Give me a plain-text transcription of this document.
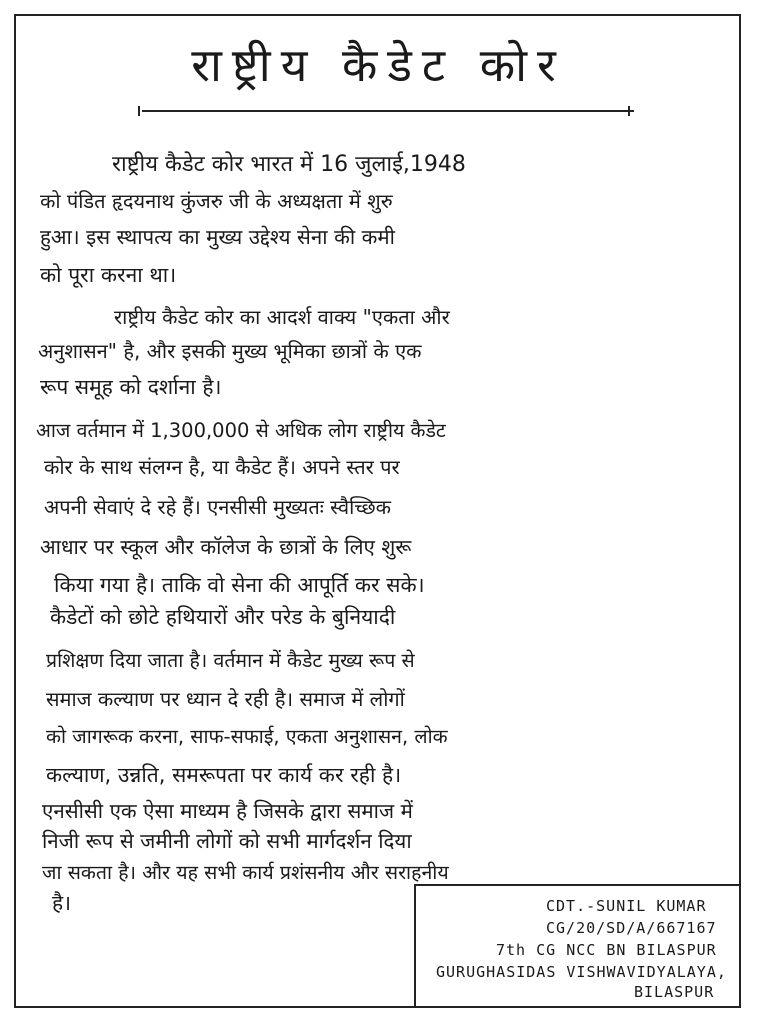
राष्ट्रीय कैडेट कोर
राष्ट्रीय कैडेट कोर भारत में 16 जुलाई,1948
को पंडित हृदयनाथ कुंजरु जी के अध्यक्षता में शुरु
हुआ। इस स्थापत्य का मुख्य उद्देश्य सेना की कमी
को पूरा करना था।
राष्ट्रीय कैडेट कोर का आदर्श वाक्य "एकता और
अनुशासन" है, और इसकी मुख्य भूमिका छात्रों के एक
रूप समूह को दर्शाना है।
आज वर्तमान में 1,300,000 से अधिक लोग राष्ट्रीय कैडेट
कोर के साथ संलग्न है, या कैडेट हैं। अपने स्तर पर
अपनी सेवाएं दे रहे हैं। एनसीसी मुख्यतः स्वैच्छिक
आधार पर स्कूल और कॉलेज के छात्रों के लिए शुरू
किया गया है। ताकि वो सेना की आपूर्ति कर सके।
कैडेटों को छोटे हथियारों और परेड के बुनियादी
प्रशिक्षण दिया जाता है। वर्तमान में कैडेट मुख्य रूप से
समाज कल्याण पर ध्यान दे रही है। समाज में लोगों
को जागरूक करना, साफ-सफाई, एकता अनुशासन, लोक
कल्याण, उन्नति, समरूपता पर कार्य कर रही है।
एनसीसी एक ऐसा माध्यम है जिसके द्वारा समाज में
निजी रूप से जमीनी लोगों को सभी मार्गदर्शन दिया
जा सकता है। और यह सभी कार्य प्रशंसनीय और सराहनीय
है।	CDT.-SUNIL KUMAR
CG/20/SD/A/667167
7th CG NCC BN BILASPUR
GURUGHASIDAS VISHWAVIDYALAYA,
BILASPUR
